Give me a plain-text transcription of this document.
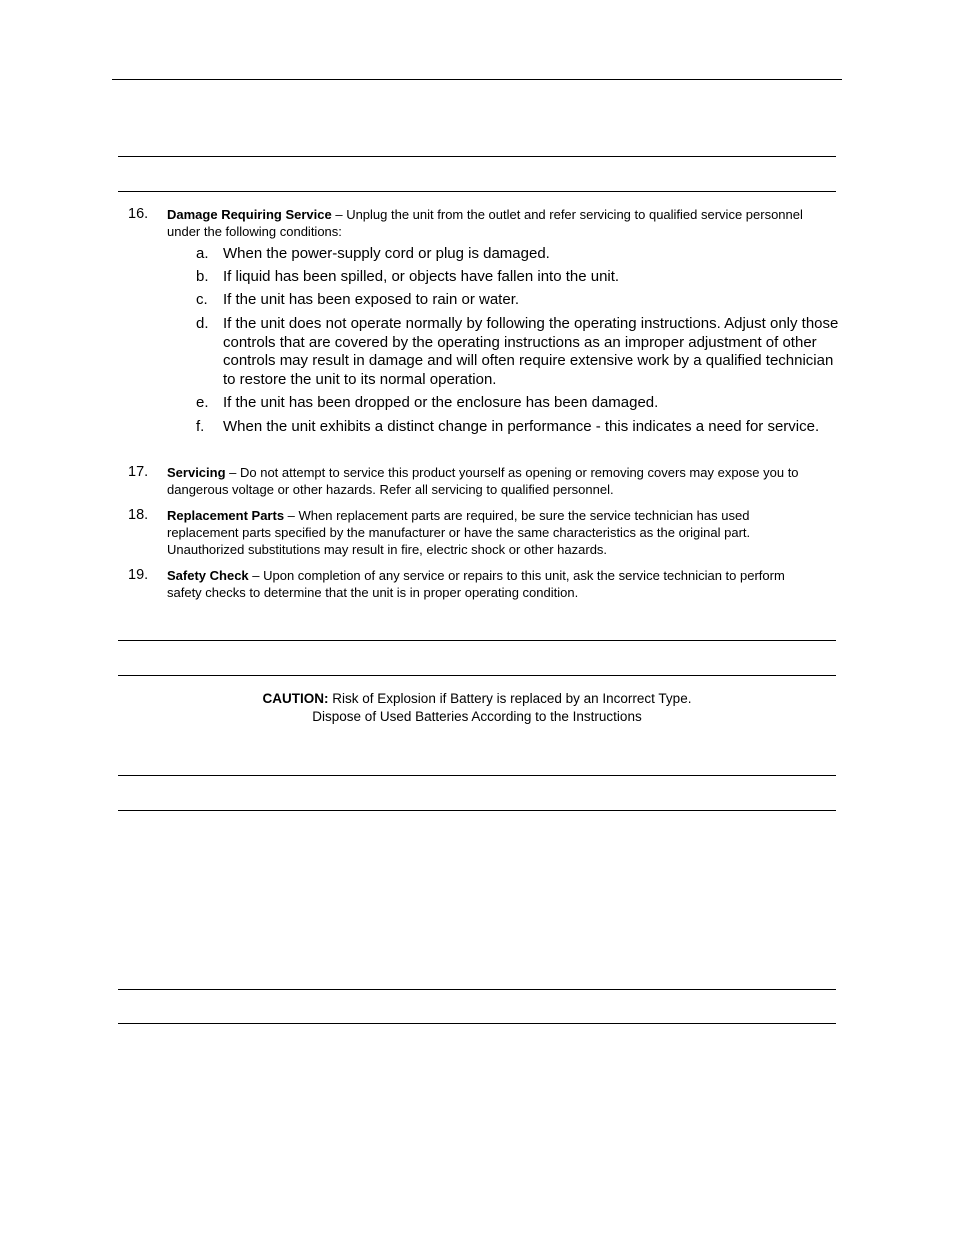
16. Damage Requiring Service – Unplug the unit from the outlet and refer servicing to qualified service personnel under the following conditions:
a. When the power-supply cord or plug is damaged.
b. If liquid has been spilled, or objects have fallen into the unit.
c. If the unit has been exposed to rain or water.
d. If the unit does not operate normally by following the operating instructions. Adjust only those controls that are covered by the operating instructions as an improper adjustment of other controls may result in damage and will often require extensive work by a qualified technician to restore the unit to its normal operation.
e. If the unit has been dropped or the enclosure has been damaged.
f. When the unit exhibits a distinct change in performance - this indicates a need for service.
17. Servicing – Do not attempt to service this product yourself as opening or removing covers may expose you to dangerous voltage or other hazards. Refer all servicing to qualified personnel.
18. Replacement Parts – When replacement parts are required, be sure the service technician has used replacement parts specified by the manufacturer or have the same characteristics as the original part. Unauthorized substitutions may result in fire, electric shock or other hazards.
19. Safety Check – Upon completion of any service or repairs to this unit, ask the service technician to perform safety checks to determine that the unit is in proper operating condition.
CAUTION: Risk of Explosion if Battery is replaced by an Incorrect Type.
Dispose of Used Batteries According to the Instructions
